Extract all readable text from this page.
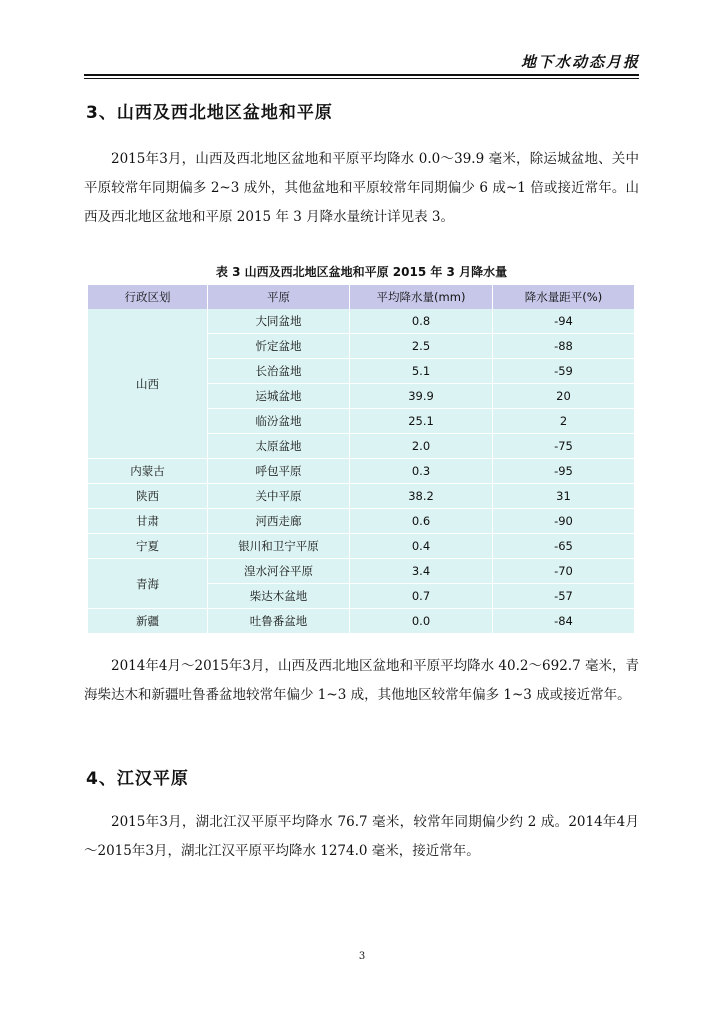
地下水动态月报
3、山西及西北地区盆地和平原

2015年3月，山西及西北地区盆地和平原平均降水 0.0～39.9 毫米，除运城盆地、关中平原较常年同期偏多 2~3 成外，其他盆地和平原较常年同期偏少 6 成~1 倍或接近常年。山西及西北地区盆地和平原 2015 年 3 月降水量统计详见表 3。

表 3 山西及西北地区盆地和平原 2015 年 3 月降水量
行政区划	平原	平均降水量(mm)	降水量距平(%)
山西	大同盆地	0.8	-94
	忻定盆地	2.5	-88
	长治盆地	5.1	-59
	运城盆地	39.9	20
	临汾盆地	25.1	2
	太原盆地	2.0	-75
内蒙古	呼包平原	0.3	-95
陕西	关中平原	38.2	31
甘肃	河西走廊	0.6	-90
宁夏	银川和卫宁平原	0.4	-65
青海	湟水河谷平原	3.4	-70
	柴达木盆地	0.7	-57
新疆	吐鲁番盆地	0.0	-84

2014年4月～2015年3月，山西及西北地区盆地和平原平均降水 40.2～692.7 毫米，青海柴达木和新疆吐鲁番盆地较常年偏少 1~3 成，其他地区较常年偏多 1~3 成或接近常年。

4、江汉平原

2015年3月，湖北江汉平原平均降水 76.7 毫米，较常年同期偏少约 2 成。2014年4月～2015年3月，湖北江汉平原平均降水 1274.0 毫米，接近常年。

3
